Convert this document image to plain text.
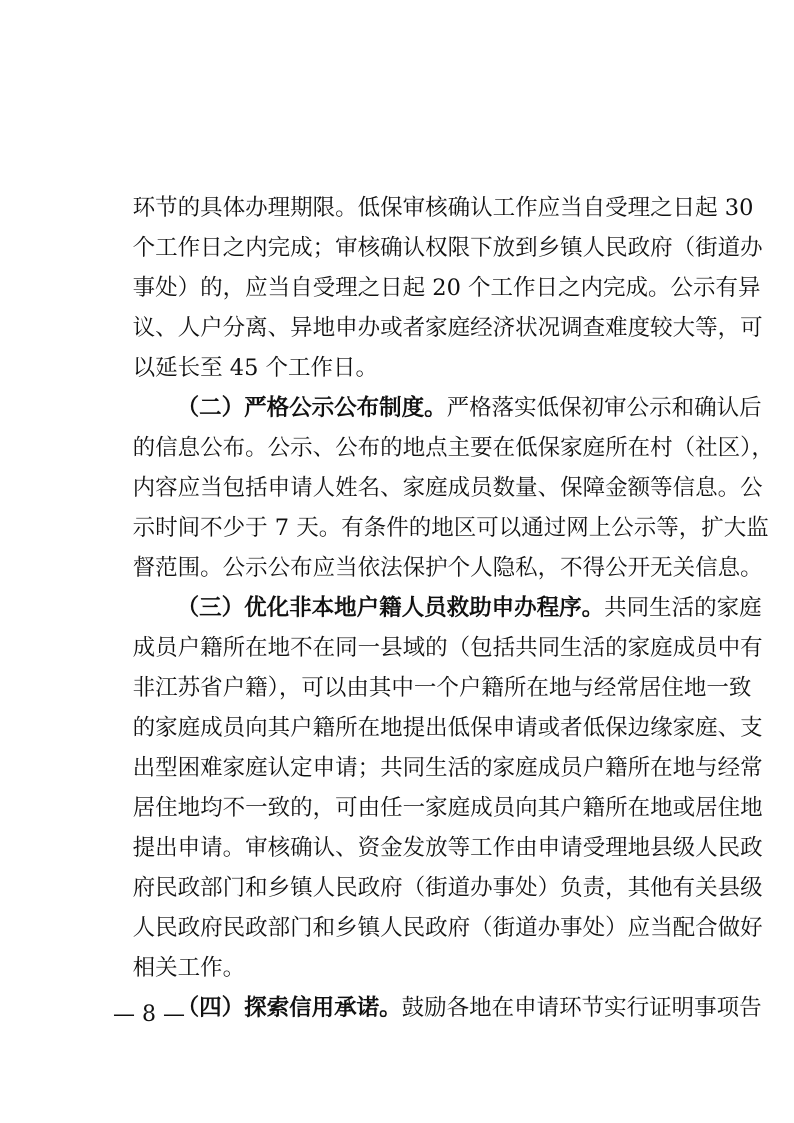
环节的具体办理期限。低保审核确认工作应当自受理之日起 30

个工作日之内完成；审核确认权限下放到乡镇人民政府（街道办

事处）的，应当自受理之日起 20 个工作日之内完成。公示有异

议、人户分离、异地申办或者家庭经济状况调查难度较大等，可

以延长至 45 个工作日。

（二）严格公示公布制度。严格落实低保初审公示和确认后

的信息公布。公示、公布的地点主要在低保家庭所在村（社区），

内容应当包括申请人姓名、家庭成员数量、保障金额等信息。公

示时间不少于 7 天。有条件的地区可以通过网上公示等，扩大监

督范围。公示公布应当依法保护个人隐私，不得公开无关信息。

（三）优化非本地户籍人员救助申办程序。共同生活的家庭

成员户籍所在地不在同一县域的（包括共同生活的家庭成员中有

非江苏省户籍），可以由其中一个户籍所在地与经常居住地一致

的家庭成员向其户籍所在地提出低保申请或者低保边缘家庭、支

出型困难家庭认定申请；共同生活的家庭成员户籍所在地与经常

居住地均不一致的，可由任一家庭成员向其户籍所在地或居住地

提出申请。审核确认、资金发放等工作由申请受理地县级人民政

府民政部门和乡镇人民政府（街道办事处）负责，其他有关县级

人民政府民政部门和乡镇人民政府（街道办事处）应当配合做好

相关工作。

（四）探索信用承诺。鼓励各地在申请环节实行证明事项告

— 8 —
